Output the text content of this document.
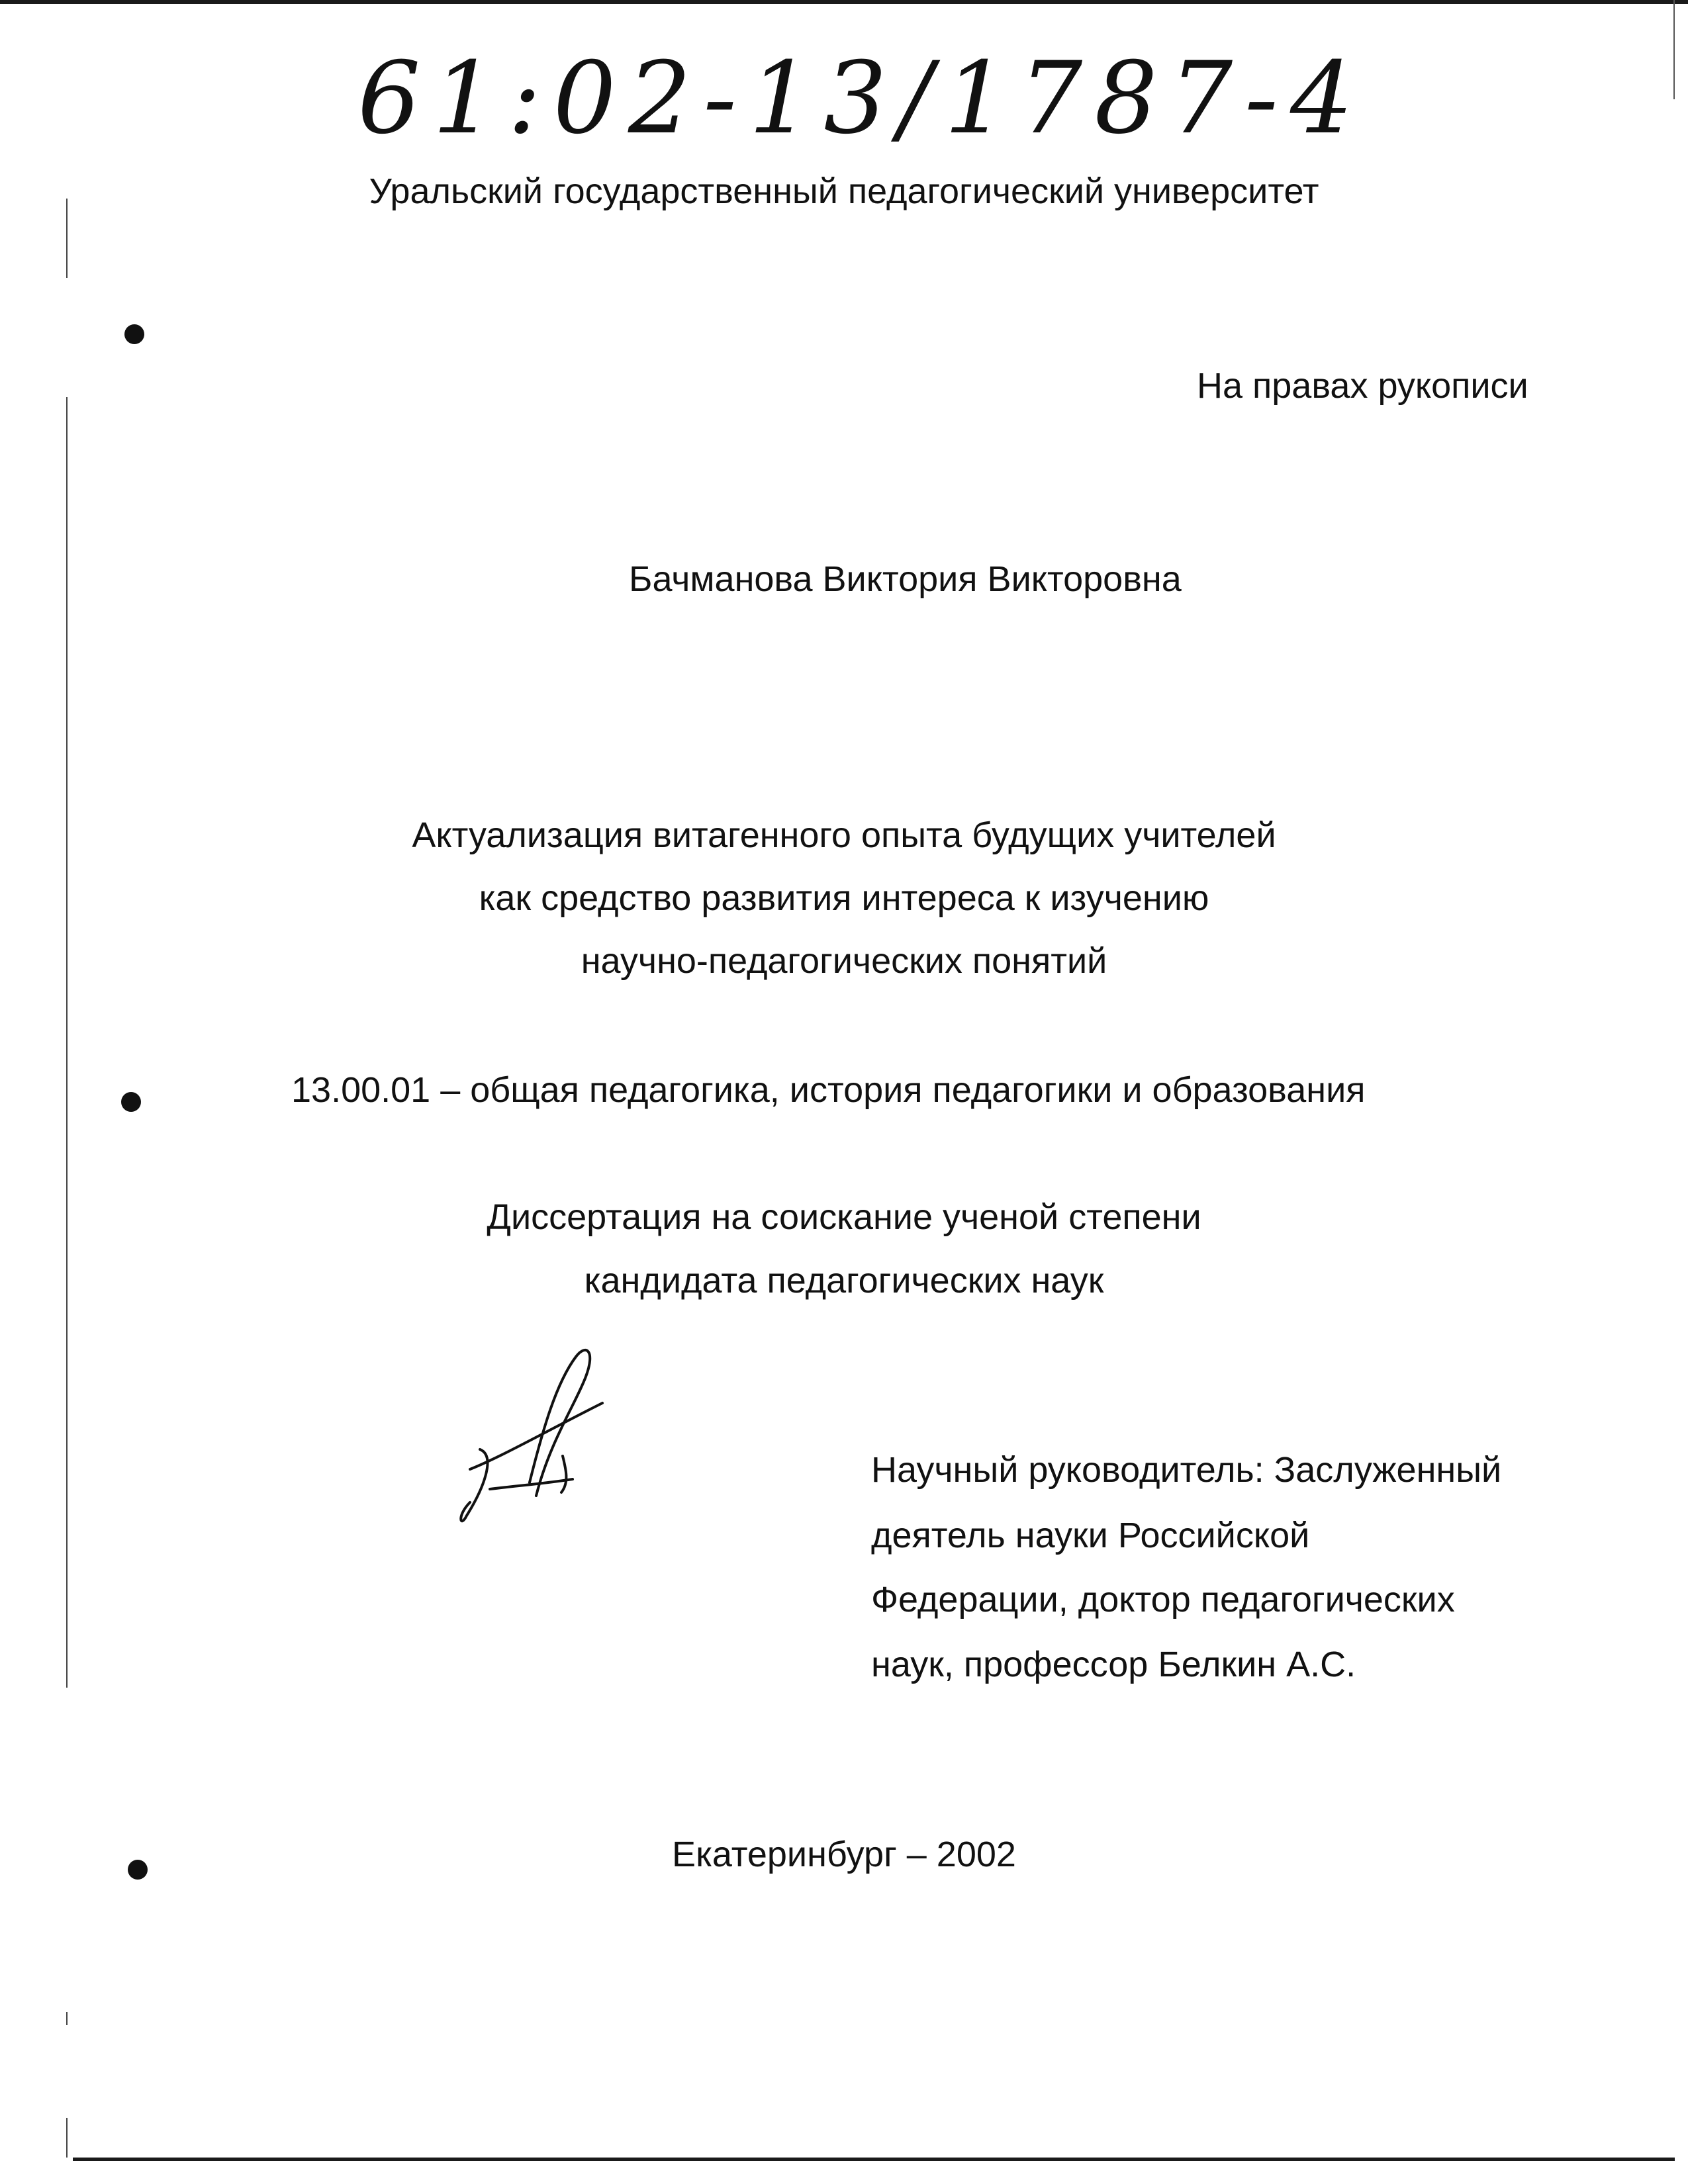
61:02-13/1787-4
Уральский государственный педагогический университет
На правах рукописи
Бачманова Виктория Викторовна
Актуализация витагенного опыта будущих учителей
как средство развития интереса к изучению
научно-педагогических понятий
13.00.01 – общая педагогика, история педагогики и образования
Диссертация на соискание ученой степени
кандидата педагогических наук
Научный руководитель: Заслуженный
деятель науки Российской
Федерации, доктор педагогических
наук, профессор Белкин А.С.
Екатеринбург – 2002
